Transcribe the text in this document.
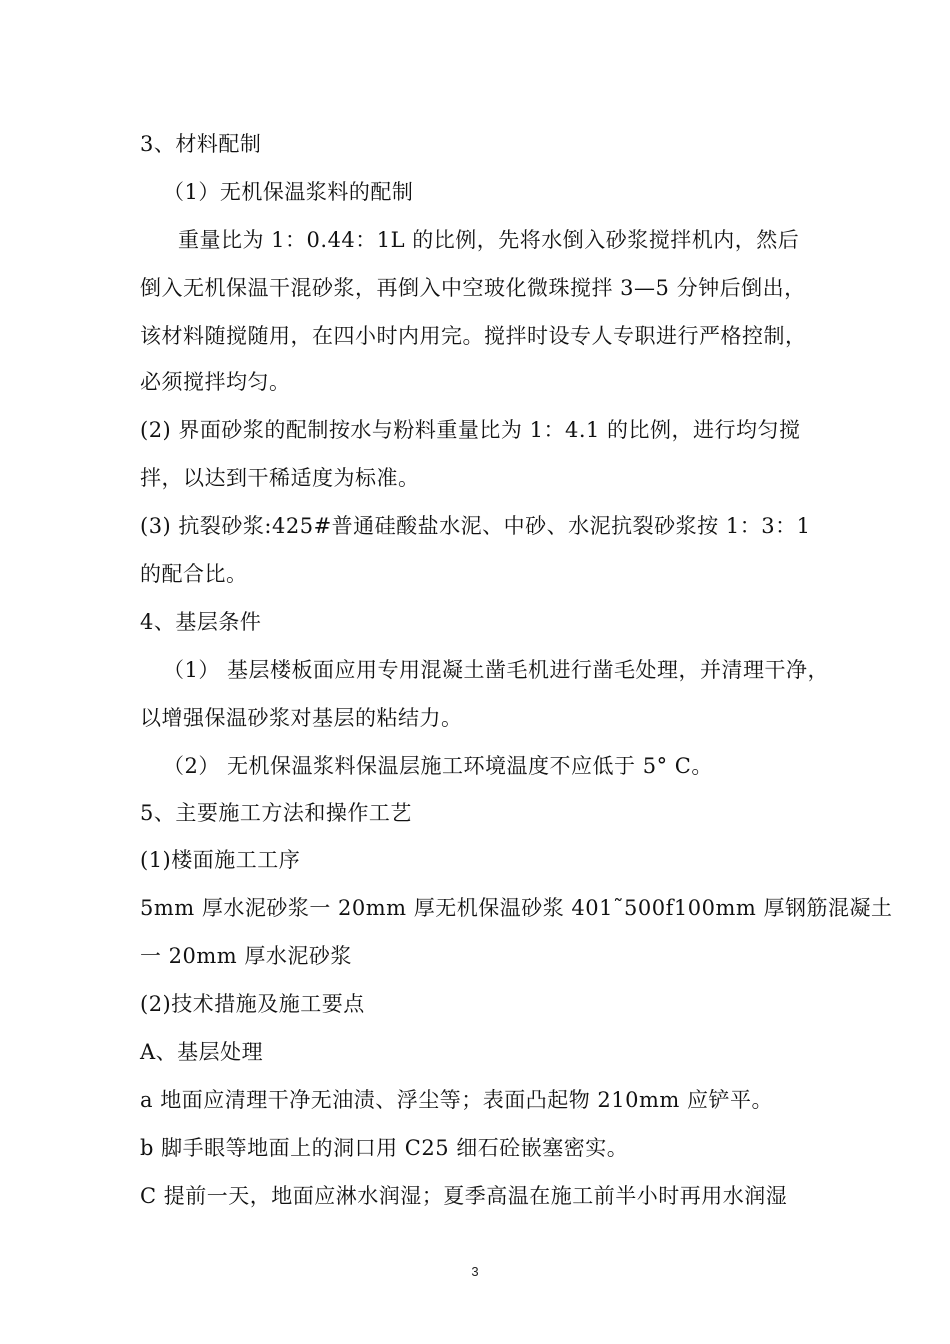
3、材料配制
（1）无机保温浆料的配制
重量比为 1：0.44：1L 的比例，先将水倒入砂浆搅拌机内，然后
倒入无机保温干混砂浆，再倒入中空玻化微珠搅拌 3—5 分钟后倒出，
该材料随搅随用，在四小时内用完。搅拌时设专人专职进行严格控制，
必须搅拌均匀。
(2) 界面砂浆的配制按水与粉料重量比为 1：4.1 的比例，进行均匀搅
拌，以达到干稀适度为标准。
(3) 抗裂砂浆:425#普通硅酸盐水泥、中砂、水泥抗裂砂浆按 1：3：1
的配合比。
4、基层条件
（1） 基层楼板面应用专用混凝土凿毛机进行凿毛处理，并清理干净，
以增强保温砂浆对基层的粘结力。
（2） 无机保温浆料保温层施工环境温度不应低于 5° C。
5、主要施工方法和操作工艺
(1)楼面施工工序
5mm 厚水泥砂浆一 20mm 厚无机保温砂浆 401˜500f100mm 厚钢筋混凝土
一 20mm 厚水泥砂浆
(2)技术措施及施工要点
A、基层处理
a 地面应清理干净无油渍、浮尘等；表面凸起物 210mm 应铲平。
b 脚手眼等地面上的洞口用 C25 细石砼嵌塞密实。
C 提前一天，地面应淋水润湿；夏季高温在施工前半小时再用水润湿
3
